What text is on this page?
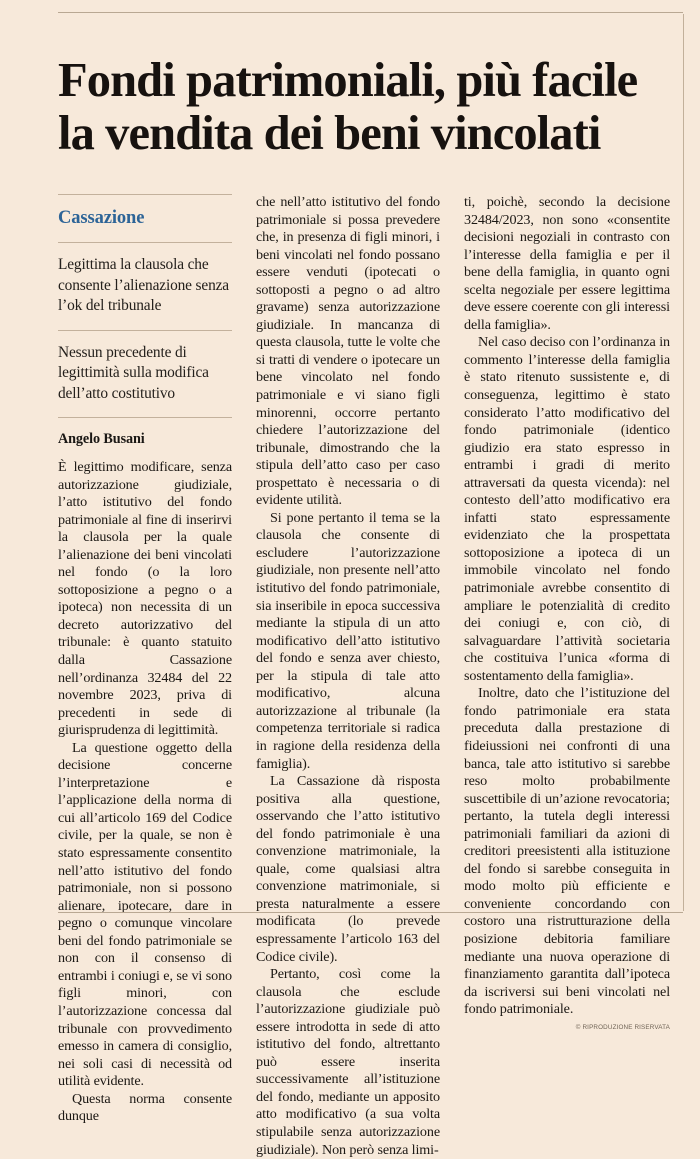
Fondi patrimoniali, più facile
la vendita dei beni vincolati
Cassazione
Legittima la clausola che consente l’alienazione senza l’ok del tribunale
Nessun precedente di legittimità sulla modifica dell’atto costitutivo
Angelo Busani

È legittimo modificare, senza autorizzazione giudiziale, l’atto istitutivo del fondo patrimoniale al fine di inserirvi la clausola per la quale l’alienazione dei beni vincolati nel fondo (o la loro sottoposizione a pegno o a ipoteca) non necessita di un decreto autorizzativo del tribunale: è quanto statuito dalla Cassazione nell’ordinanza 32484 del 22 novembre 2023, priva di precedenti in sede di giurisprudenza di legittimità.

La questione oggetto della decisione concerne l’interpretazione e l’applicazione della norma di cui all’articolo 169 del Codice civile, per la quale, se non è stato espressamente consentito nell’atto istitutivo del fondo patrimoniale, non si possono alienare, ipotecare, dare in pegno o comunque vincolare beni del fondo patrimoniale se non con il consenso di entrambi i coniugi e, se vi sono figli minori, con l’autorizzazione concessa dal tribunale con provvedimento emesso in camera di consiglio, nei soli casi di necessità od utilità evidente.

Questa norma consente dunque

che nell’atto istitutivo del fondo patrimoniale si possa prevedere che, in presenza di figli minori, i beni vincolati nel fondo possano essere venduti (ipotecati o sottoposti a pegno o ad altro gravame) senza autorizzazione giudiziale. In mancanza di questa clausola, tutte le volte che si tratti di vendere o ipotecare un bene vincolato nel fondo patrimoniale e vi siano figli minorenni, occorre pertanto chiedere l’autorizzazione del tribunale, dimostrando che la stipula dell’atto caso per caso prospettato è necessaria o di evidente utilità.

Si pone pertanto il tema se la clausola che consente di escludere l’autorizzazione giudiziale, non presente nell’atto istitutivo del fondo patrimoniale, sia inseribile in epoca successiva mediante la stipula di un atto modificativo dell’atto istitutivo del fondo e senza aver chiesto, per la stipula di tale atto modificativo, alcuna autorizzazione al tribunale (la competenza territoriale si radica in ragione della residenza della famiglia).

La Cassazione dà risposta positiva alla questione, osservando che l’atto istitutivo del fondo patrimoniale è una convenzione matrimoniale, la quale, come qualsiasi altra convenzione matrimoniale, si presta naturalmente a essere modificata (lo prevede espressamente l’articolo 163 del Codice civile).

Pertanto, così come la clausola che esclude l’autorizzazione giudiziale può essere introdotta in sede di atto istitutivo del fondo, altrettanto può essere inserita successivamente all’istituzione del fondo, mediante un apposito atto modificativo (a sua volta stipulabile senza autorizzazione giudiziale). Non però senza limi-

ti, poichè, secondo la decisione 32484/2023, non sono «consentite decisioni negoziali in contrasto con l’interesse della famiglia e per il bene della famiglia, in quanto ogni scelta negoziale per essere legittima deve essere coerente con gli interessi della famiglia».

Nel caso deciso con l’ordinanza in commento l’interesse della famiglia è stato ritenuto sussistente e, di conseguenza, legittimo è stato considerato l’atto modificativo del fondo patrimoniale (identico giudizio era stato espresso in entrambi i gradi di merito attraversati da questa vicenda): nel contesto dell’atto modificativo era infatti stato espressamente evidenziato che la prospettata sottoposizione a ipoteca di un immobile vincolato nel fondo patrimoniale avrebbe consentito di ampliare le potenzialità di credito dei coniugi e, con ciò, di salvaguardare l’attività societaria che costituiva l’unica «forma di sostentamento della famiglia».

Inoltre, dato che l’istituzione del fondo patrimoniale era stata preceduta dalla prestazione di fideiussioni nei confronti di una banca, tale atto istitutivo si sarebbe reso molto probabilmente suscettibile di un’azione revocatoria; pertanto, la tutela degli interessi patrimoniali familiari da azioni di creditori preesistenti alla istituzione del fondo si sarebbe conseguita in modo molto più efficiente e conveniente concordando con costoro una ristrutturazione della posizione debitoria familiare mediante una nuova operazione di finanziamento garantita dall’ipoteca da iscriversi sui beni vincolati nel fondo patrimoniale.

© RIPRODUZIONE RISERVATA
